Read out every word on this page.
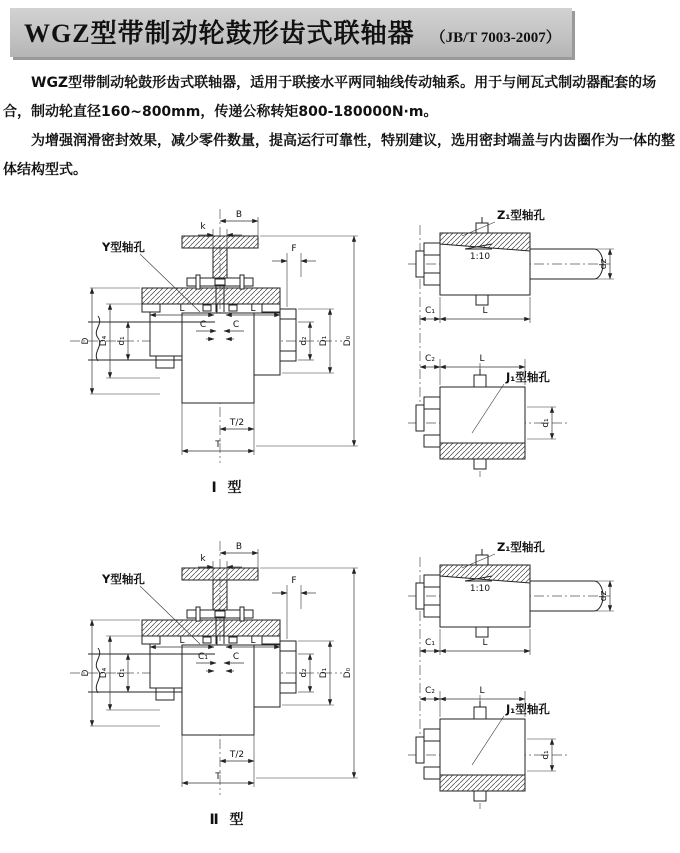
WGZ型带制动轮鼓形齿式联轴器 （JB/T 7003-2007）

WGZ型带制动轮鼓形齿式联轴器，适用于联接水平两同轴线传动轴系。用于与闸瓦式制动器配套的场合，制动轮直径160~800mm，传递公称转矩800-180000N·m。

为增强润滑密封效果，减少零件数量，提高运行可靠性，特别建议，选用密封端盖与内齿圈作为一体的整体结构型式。

B
k
F
D D₄ d₁	d₂ D₁ D₀
L	L
C	C
T/2
T
Y型轴孔
1:10
dz
C₁	L
Z₁型轴孔
C₂	L
J₁型轴孔
d₁
Ⅰ 型
B
k
F
D D₄ d₁	d₂ D₁ D₀
L	L
C₁	C
T/2
T
Y型轴孔
1:10
dz
C₁	L
Z₁型轴孔
C₂	L
J₁型轴孔
d₁
Ⅱ 型
